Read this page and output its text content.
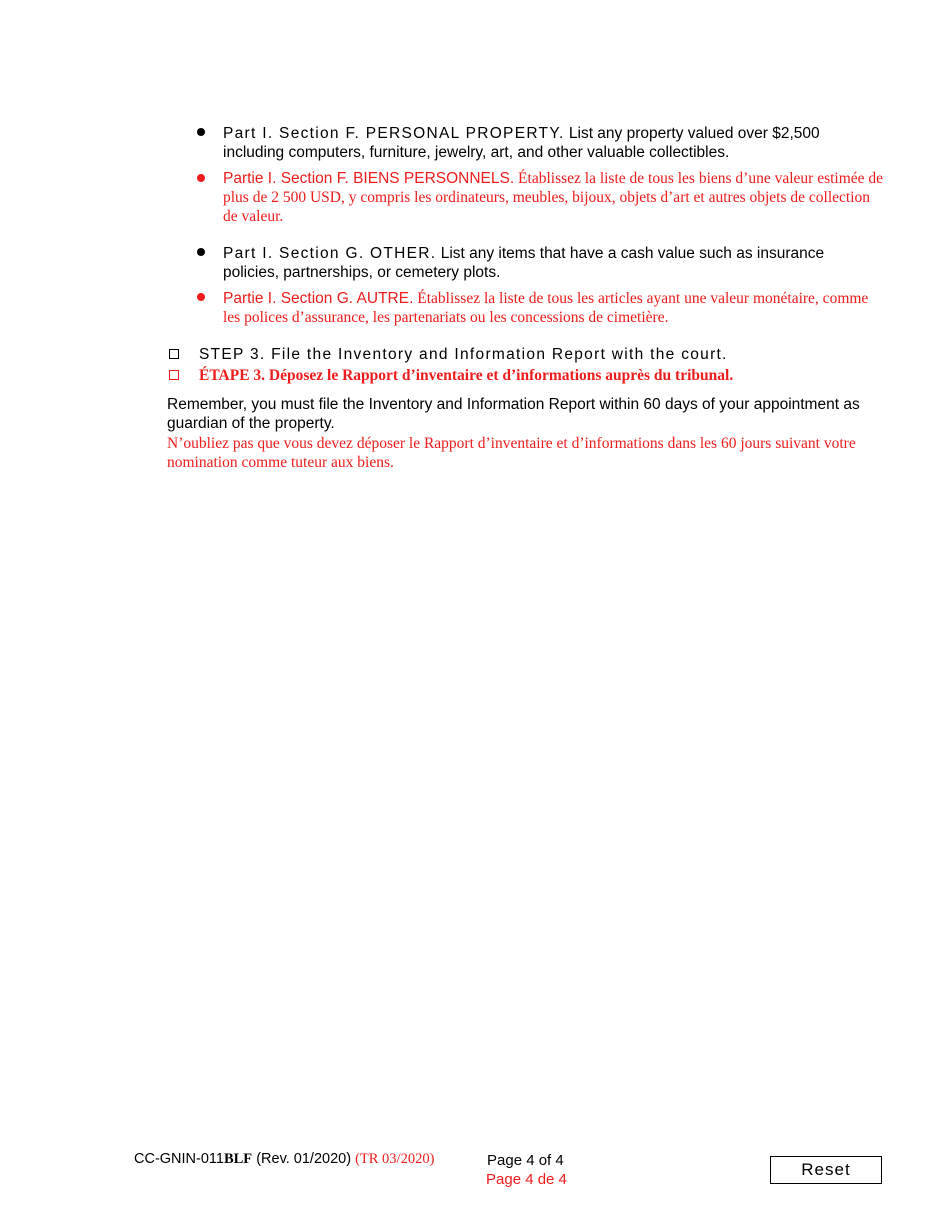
Part I. Section F. PERSONAL PROPERTY. List any property valued over $2,500 including computers, furniture, jewelry, art, and other valuable collectibles.
Partie I. Section F. BIENS PERSONNELS. Établissez la liste de tous les biens d’une valeur estimée de plus de 2 500 USD, y compris les ordinateurs, meubles, bijoux, objets d’art et autres objets de collection de valeur.
Part I. Section G. OTHER. List any items that have a cash value such as insurance policies, partnerships, or cemetery plots.
Partie I. Section G. AUTRE. Établissez la liste de tous les articles ayant une valeur monétaire, comme les polices d’assurance, les partenariats ou les concessions de cimetière.
STEP 3. File the Inventory and Information Report with the court.
ÉTAPE 3. Déposez le Rapport d’inventaire et d’informations auprès du tribunal.
Remember, you must file the Inventory and Information Report within 60 days of your appointment as guardian of the property.
N’oubliez pas que vous devez déposer le Rapport d’inventaire et d’informations dans les 60 jours suivant votre nomination comme tuteur aux biens.
CC-GNIN-011BLF (Rev. 01/2020) (TR 03/2020)	Page 4 of 4
Page 4 de 4
Reset
